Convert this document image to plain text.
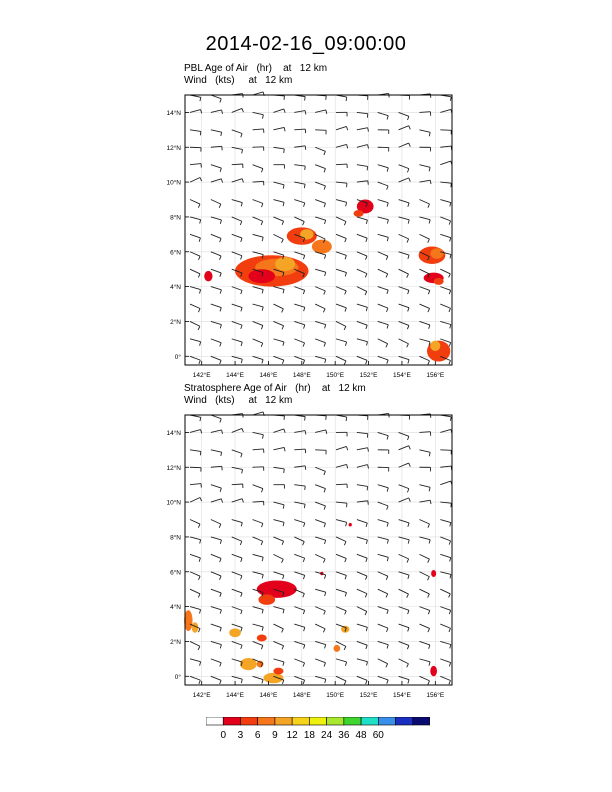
2014-02-16_09:00:00
PBL Age of Air   (hr)    at   12 km
Wind   (kts)     at   12 km
142°E 144°E 146°E 148°E 150°E 152°E 154°E 156°E
0°
2°N
4°N
6°N
8°N
10°N
12°N
14°N
Stratosphere Age of Air   (hr)    at   12 km
Wind   (kts)     at   12 km
142°E 144°E 146°E 148°E 150°E 152°E 154°E 156°E
0°
2°N
4°N
6°N
8°N
10°N
12°N
14°N
0 3 6 9 12 18 24 36 48 60
